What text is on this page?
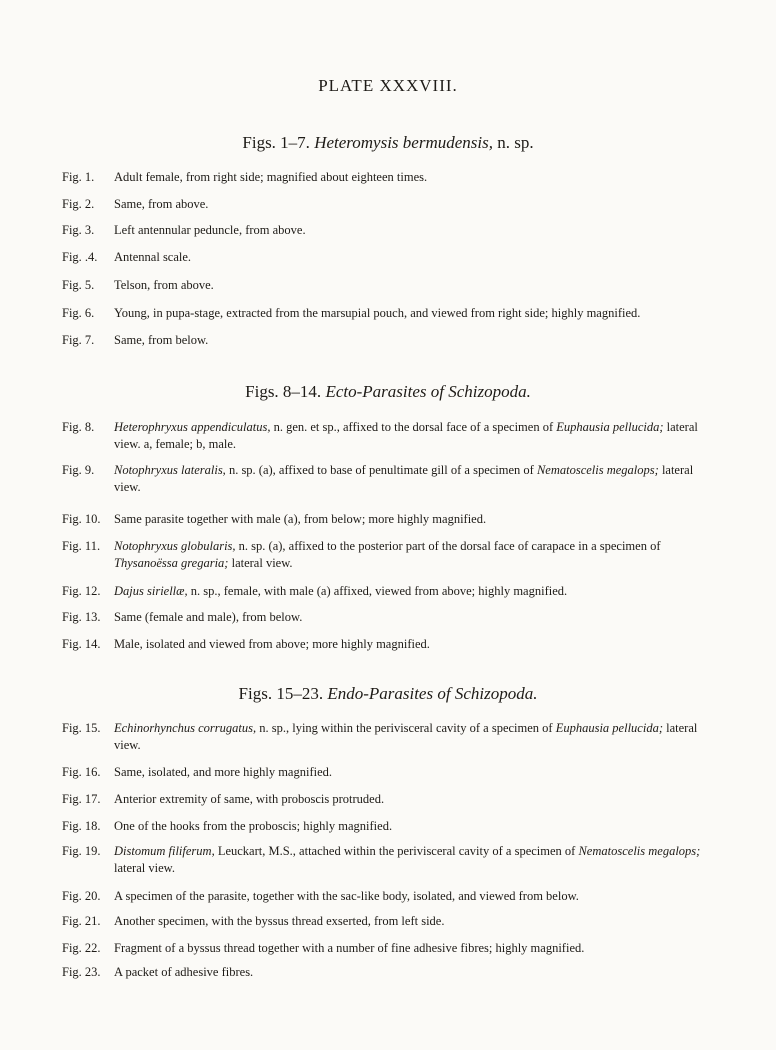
PLATE XXXVIII.
Figs. 1–7. Heteromysis bermudensis, n. sp.
Fig. 1. Adult female, from right side; magnified about eighteen times.
Fig. 2. Same, from above.
Fig. 3. Left antennular peduncle, from above.
Fig. .4. Antennal scale.
Fig. 5. Telson, from above.
Fig. 6. Young, in pupa-stage, extracted from the marsupial pouch, and viewed from right side; highly magnified.
Fig. 7. Same, from below.
Figs. 8–14. Ecto-Parasites of Schizopoda.
Fig. 8. Heterophryxus appendiculatus, n. gen. et sp., affixed to the dorsal face of a specimen of Euphausia pellucida; lateral view. a, female; b, male.
Fig. 9. Notophryxus lateralis, n. sp. (a), affixed to base of penultimate gill of a specimen of Nematoscelis megalops; lateral view.
Fig. 10. Same parasite together with male (a), from below; more highly magnified.
Fig. 11. Notophryxus globularis, n. sp. (a), affixed to the posterior part of the dorsal face of carapace in a specimen of Thysanoëssa gregaria; lateral view.
Fig. 12. Dajus siriellæ, n. sp., female, with male (a) affixed, viewed from above; highly magnified.
Fig. 13. Same (female and male), from below.
Fig. 14. Male, isolated and viewed from above; more highly magnified.
Figs. 15–23. Endo-Parasites of Schizopoda.
Fig. 15. Echinorhynchus corrugatus, n. sp., lying within the perivisceral cavity of a specimen of Euphausia pellucida; lateral view.
Fig. 16. Same, isolated, and more highly magnified.
Fig. 17. Anterior extremity of same, with proboscis protruded.
Fig. 18. One of the hooks from the proboscis; highly magnified.
Fig. 19. Distomum filiferum, Leuckart, M.S., attached within the perivisceral cavity of a specimen of Nematoscelis megalops; lateral view.
Fig. 20. A specimen of the parasite, together with the sac-like body, isolated, and viewed from below.
Fig. 21. Another specimen, with the byssus thread exserted, from left side.
Fig. 22. Fragment of a byssus thread together with a number of fine adhesive fibres; highly magnified.
Fig. 23. A packet of adhesive fibres.
